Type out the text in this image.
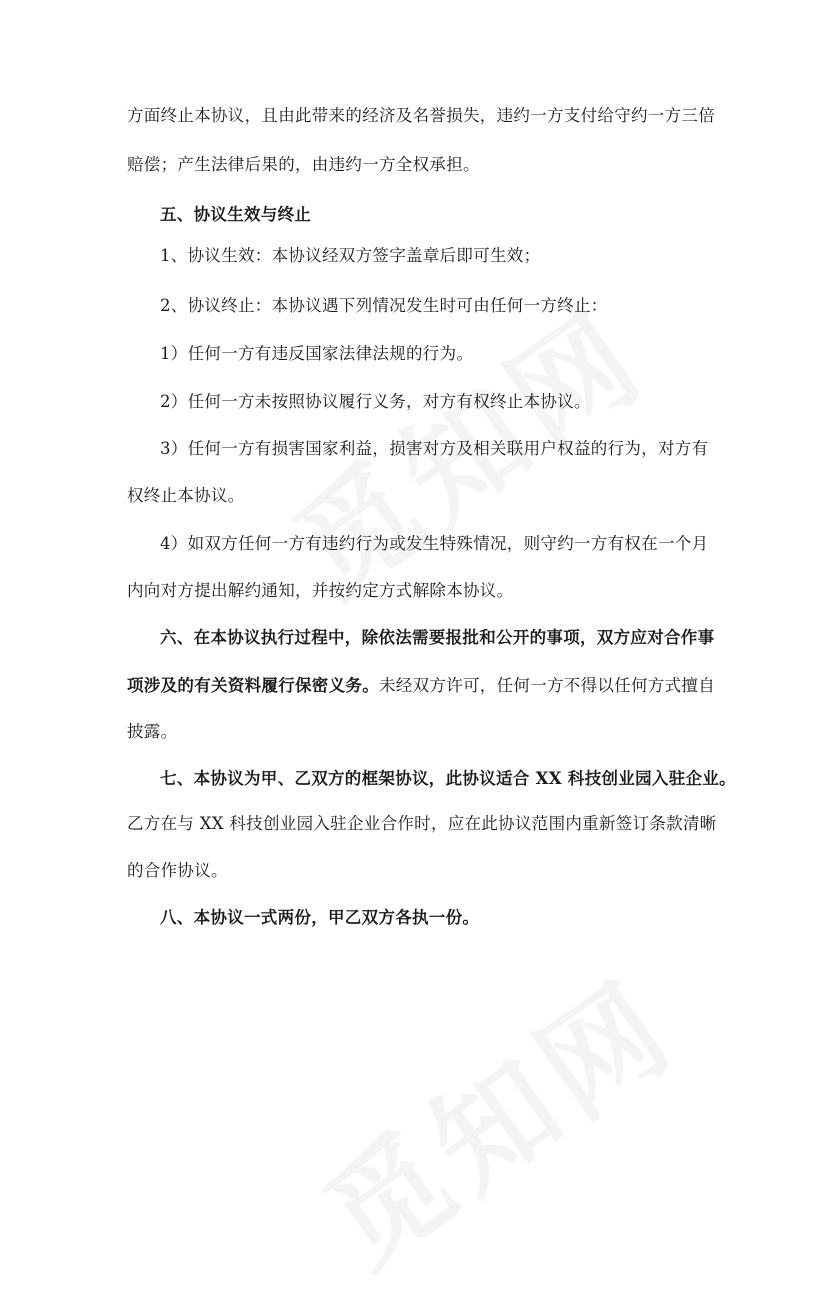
方面终止本协议，且由此带来的经济及名誉损失，违约一方支付给守约一方三倍
赔偿；产生法律后果的，由违约一方全权承担。
五、协议生效与终止
1、协议生效：本协议经双方签字盖章后即可生效；
2、协议终止：本协议遇下列情况发生时可由任何一方终止：
1）任何一方有违反国家法律法规的行为。
2）任何一方未按照协议履行义务，对方有权终止本协议。
3）任何一方有损害国家利益，损害对方及相关联用户权益的行为，对方有
权终止本协议。
4）如双方任何一方有违约行为或发生特殊情况，则守约一方有权在一个月
内向对方提出解约通知，并按约定方式解除本协议。
六、在本协议执行过程中，除依法需要报批和公开的事项，双方应对合作事
项涉及的有关资料履行保密义务。未经双方许可，任何一方不得以任何方式擅自
披露。
七、本协议为甲、乙双方的框架协议，此协议适合 XX 科技创业园入驻企业。
乙方在与 XX 科技创业园入驻企业合作时，应在此协议范围内重新签订条款清晰
的合作协议。
八、本协议一式两份，甲乙双方各执一份。
